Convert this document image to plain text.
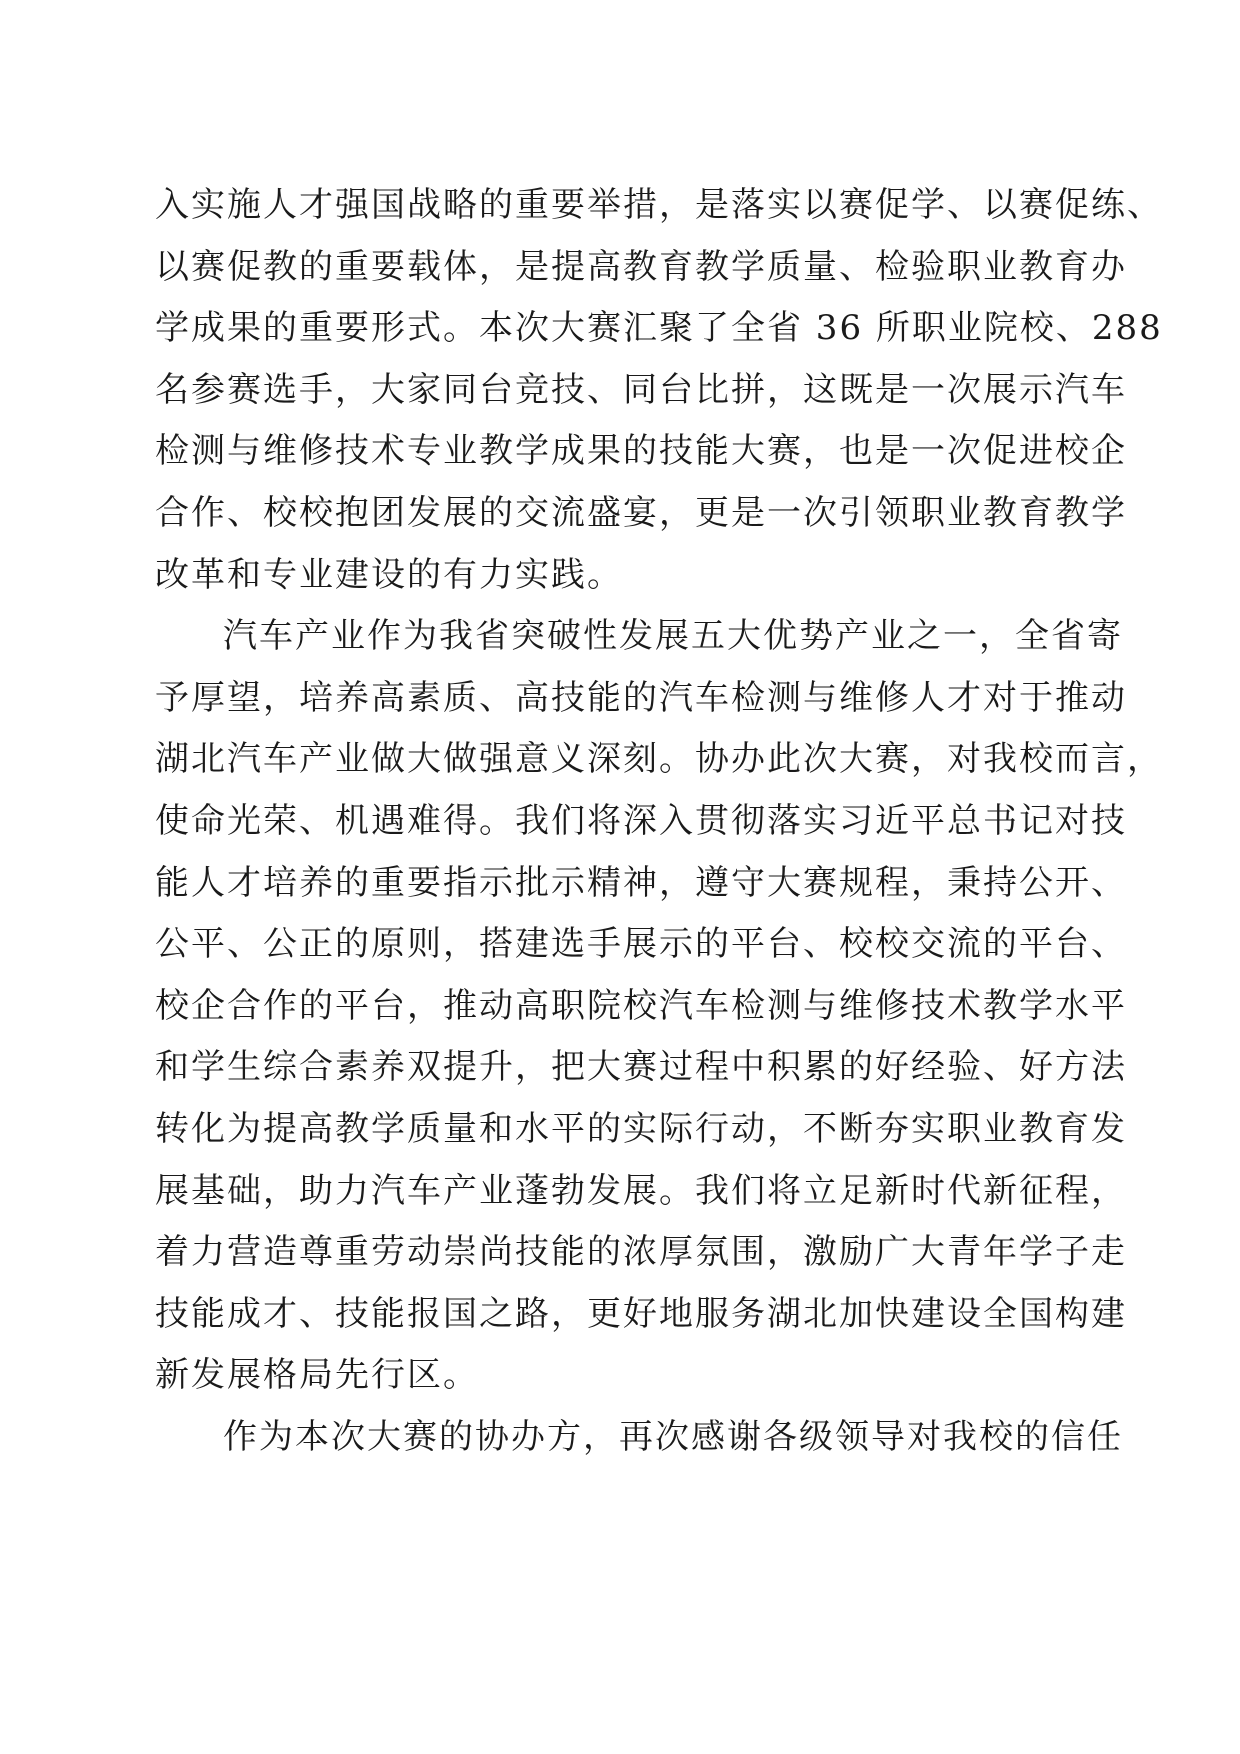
入实施人才强国战略的重要举措，是落实以赛促学、以赛促练、
以赛促教的重要载体，是提高教育教学质量、检验职业教育办
学成果的重要形式。本次大赛汇聚了全省 36 所职业院校、288
名参赛选手，大家同台竞技、同台比拼，这既是一次展示汽车
检测与维修技术专业教学成果的技能大赛，也是一次促进校企
合作、校校抱团发展的交流盛宴，更是一次引领职业教育教学
改革和专业建设的有力实践。
汽车产业作为我省突破性发展五大优势产业之一，全省寄
予厚望，培养高素质、高技能的汽车检测与维修人才对于推动
湖北汽车产业做大做强意义深刻。协办此次大赛，对我校而言，
使命光荣、机遇难得。我们将深入贯彻落实习近平总书记对技
能人才培养的重要指示批示精神，遵守大赛规程，秉持公开、
公平、公正的原则，搭建选手展示的平台、校校交流的平台、
校企合作的平台，推动高职院校汽车检测与维修技术教学水平
和学生综合素养双提升，把大赛过程中积累的好经验、好方法
转化为提高教学质量和水平的实际行动，不断夯实职业教育发
展基础，助力汽车产业蓬勃发展。我们将立足新时代新征程，
着力营造尊重劳动崇尚技能的浓厚氛围，激励广大青年学子走
技能成才、技能报国之路，更好地服务湖北加快建设全国构建
新发展格局先行区。
作为本次大赛的协办方，再次感谢各级领导对我校的信任
